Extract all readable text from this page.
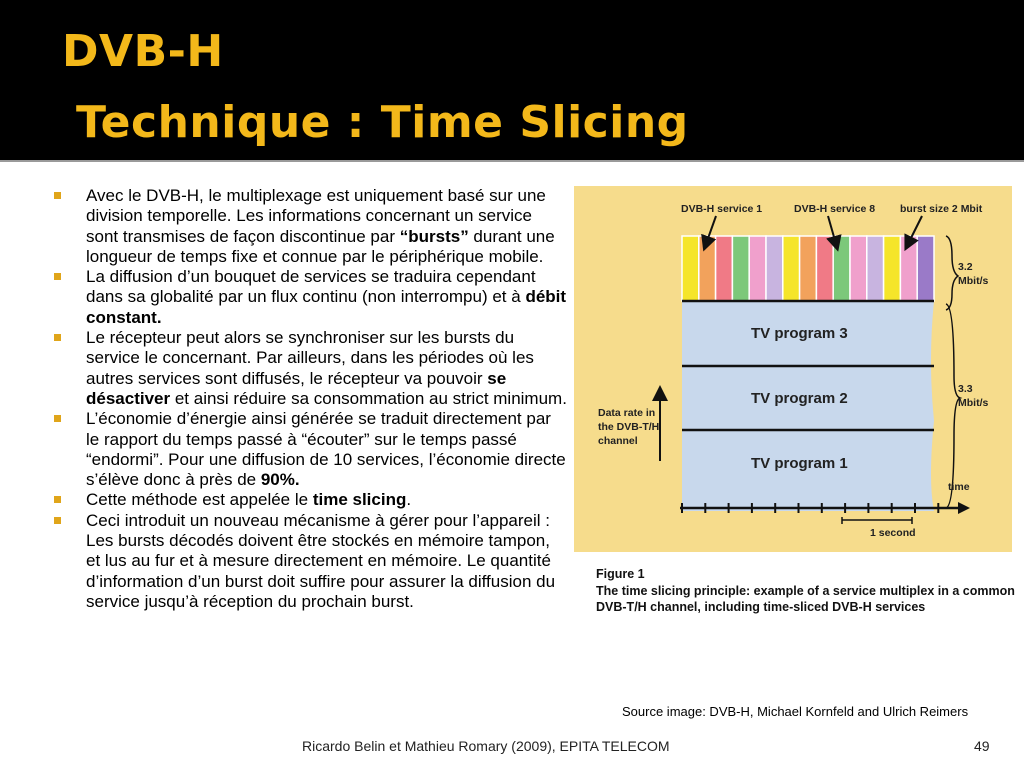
DVB-H
Technique : Time Slicing
Avec le DVB-H, le multiplexage est uniquement basé sur une division temporelle. Les informations concernant un service sont transmises de façon discontinue par “bursts” durant une longueur de temps fixe et connue par le périphérique mobile.
La diffusion d’un bouquet de services se traduira cependant dans sa globalité par un flux continu (non interrompu) et à débit constant.
Le récepteur peut alors se synchroniser sur les bursts du service le concernant. Par ailleurs, dans les périodes où les autres services sont diffusés, le récepteur va pouvoir se désactiver et ainsi réduire sa consommation au strict minimum.
L’économie d’énergie ainsi générée se traduit directement par le rapport du temps passé à “écouter” sur le temps passé “endormi”. Pour une diffusion de 10 services, l’économie directe s’élève donc à près de 90%.
Cette méthode est appelée le time slicing.
Ceci introduit un nouveau mécanisme à gérer pour l’appareil : Les bursts décodés doivent être stockés en mémoire tampon, et lus au fur et à mesure directement en mémoire. Le quantité d’information d’un burst doit suffire pour assurer la diffusion du service jusqu’à réception du prochain burst.
DVB-H service 1	DVB-H service 8 burst size 2 Mbit
3.2
Mbit/s
3.3
Mbit/s
Data rate in
the DVB-T/H
channel
TV program 3
TV program 2
TV program 1
time
1 second
Figure 1
The time slicing principle: example of a service multiplex in a common DVB-T/H channel, including time-sliced DVB-H services
Source image: DVB-H, Michael Kornfeld and Ulrich Reimers
Ricardo Belin et Mathieu Romary (2009), EPITA TELECOM	49
